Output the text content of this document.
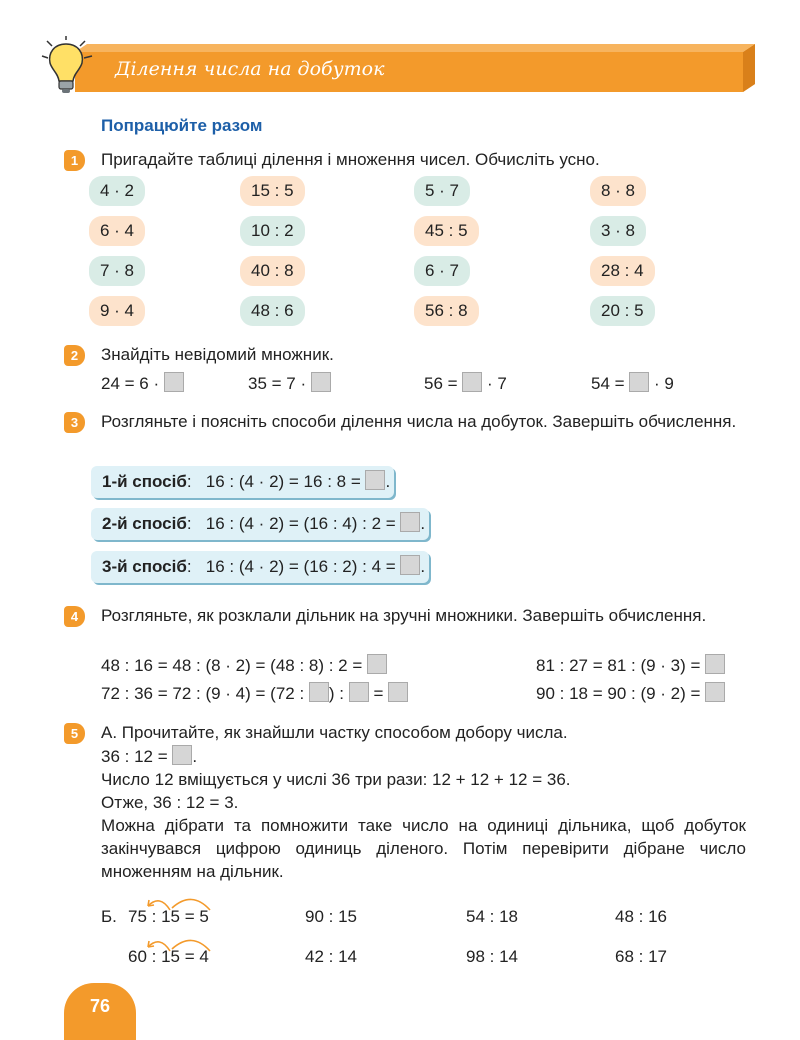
Ділення числа на добуток
Попрацюйте разом
1	Пригадайте таблиці ділення і множення чисел. Обчисліть усно.
4 · 2	15 : 5	5 · 7	8 · 8
6 · 4	10 : 2	45 : 5	3 · 8
7 · 8	40 : 8	6 · 7	28 : 4
9 · 4	48 : 6	56 : 8	20 : 5
2	Знайдіть невідомий множник.
24 = 6 ·	35 = 7 ·	56 = · 7	54 = · 9
3	Розгляньте і поясніть способи ділення числа на добуток. Завершіть обчислення.
1-й спосіб:   16 : (4 · 2) = 16 : 8 = .
2-й спосіб:   16 : (4 · 2) = (16 : 4) : 2 = .
3-й спосіб:   16 : (4 · 2) = (16 : 2) : 4 = .
4	Розгляньте, як розклали дільник на зручні множники. Завершіть обчислення.
48 : 16 = 48 : (8 · 2) = (48 : 8) : 2 =	81 : 27 = 81 : (9 · 3) =
72 : 36 = 72 : (9 · 4) = (72 : ) : =	90 : 18 = 90 : (9 · 2) =
5	А. Прочитайте, як знайшли частку способом добору числа.
36 : 12 = .
Число 12 вміщується у числі 36 три рази: 12 + 12 + 12 = 36.
Отже, 36 : 12 = 3.
Можна дібрати та помножити таке число на одиниці дільника, щоб добуток закінчувався цифрою одиниць діленого. Потім перевірити дібране число множенням на дільник.
Б. 75 : 15 = 5	90 : 15	54 : 18	48 : 16
60 : 15 = 4	42 : 14	98 : 14	68 : 17
76
